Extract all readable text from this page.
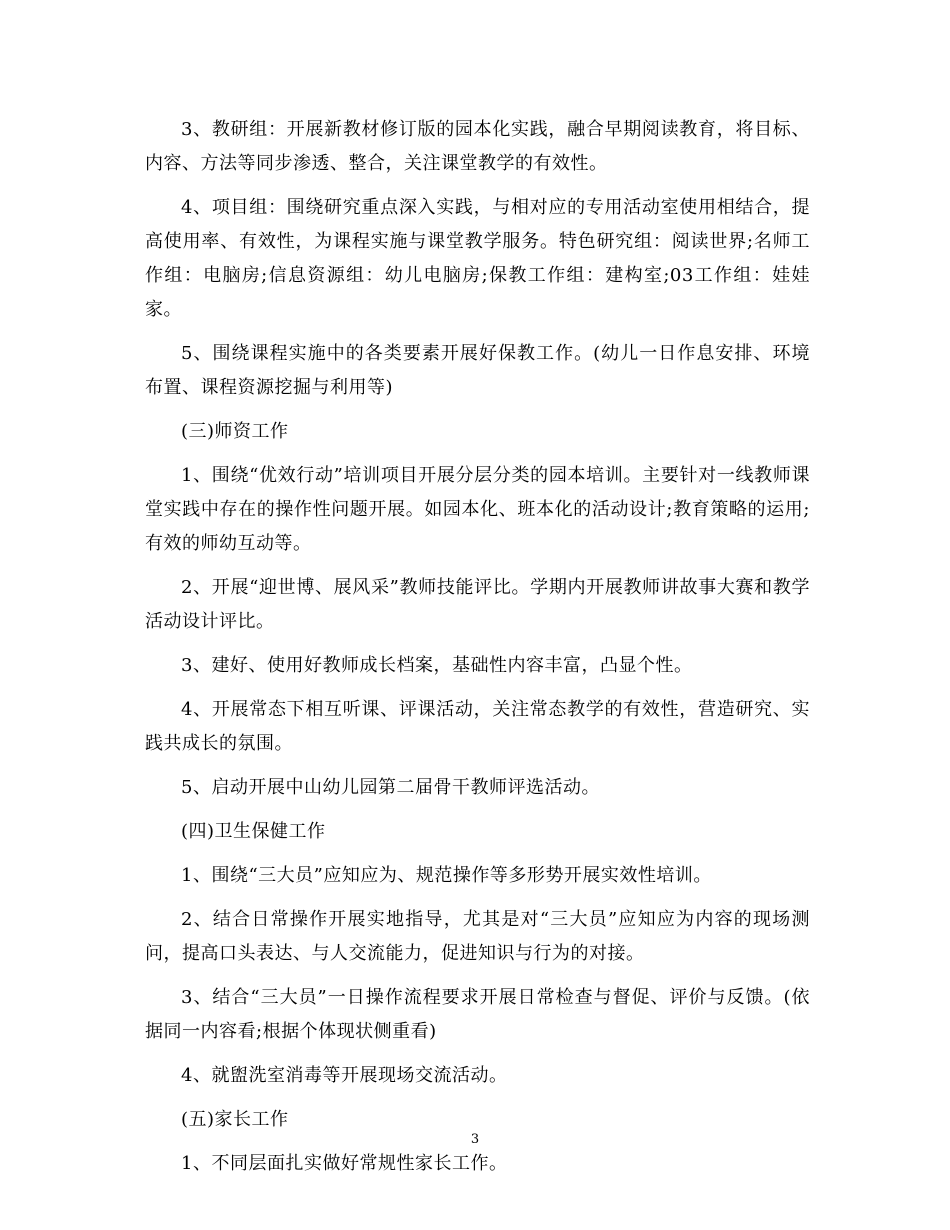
3、教研组：开展新教材修订版的园本化实践，融合早期阅读教育，将目标、内容、方法等同步渗透、整合，关注课堂教学的有效性。

4、项目组：围绕研究重点深入实践，与相对应的专用活动室使用相结合，提高使用率、有效性，为课程实施与课堂教学服务。特色研究组：阅读世界;名师工作组：电脑房;信息资源组：幼儿电脑房;保教工作组：建构室;03工作组：娃娃家。

5、围绕课程实施中的各类要素开展好保教工作。(幼儿一日作息安排、环境布置、课程资源挖掘与利用等)

(三)师资工作

1、围绕“优效行动”培训项目开展分层分类的园本培训。主要针对一线教师课堂实践中存在的操作性问题开展。如园本化、班本化的活动设计;教育策略的运用;有效的师幼互动等。

2、开展“迎世博、展风采”教师技能评比。学期内开展教师讲故事大赛和教学活动设计评比。

3、建好、使用好教师成长档案，基础性内容丰富，凸显个性。

4、开展常态下相互听课、评课活动，关注常态教学的有效性，营造研究、实践共成长的氛围。

5、启动开展中山幼儿园第二届骨干教师评选活动。

(四)卫生保健工作

1、围绕“三大员”应知应为、规范操作等多形势开展实效性培训。

2、结合日常操作开展实地指导，尤其是对“三大员”应知应为内容的现场测问，提高口头表达、与人交流能力，促进知识与行为的对接。

3、结合“三大员”一日操作流程要求开展日常检查与督促、评价与反馈。(依据同一内容看;根据个体现状侧重看)

4、就盥洗室消毒等开展现场交流活动。

(五)家长工作

1、不同层面扎实做好常规性家长工作。

3
